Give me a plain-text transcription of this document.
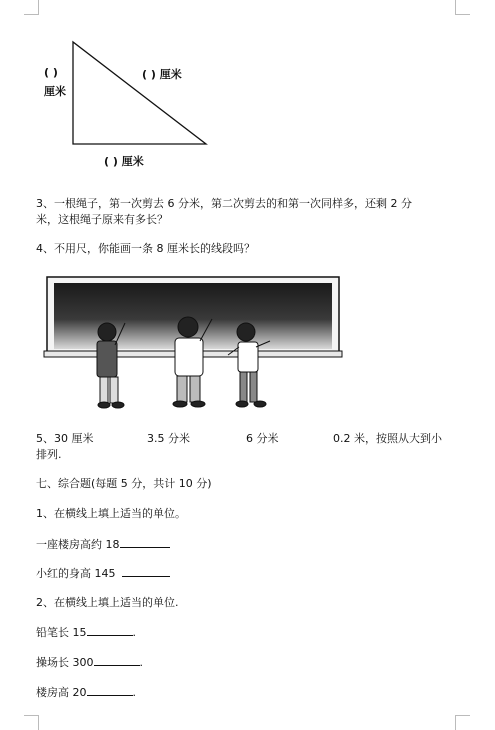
( )
厘米
( ) 厘米
( ) 厘米
3、一根绳子，第一次剪去 6 分米，第二次剪去的和第一次同样多，还剩 2 分
米，这根绳子原来有多长？
4、不用尺，你能画一条 8 厘米长的线段吗？
5、30 厘米	3.5 分米	6 分米	0.2 米，按照从大到小
排列.
七、综合题(每题 5 分，共计 10 分)
1、在横线上填上适当的单位。
一座楼房高约 18
小红的身高 145
2、在横线上填上适当的单位.
铅笔长 15	.
操场长 300	.
楼房高 20	.
